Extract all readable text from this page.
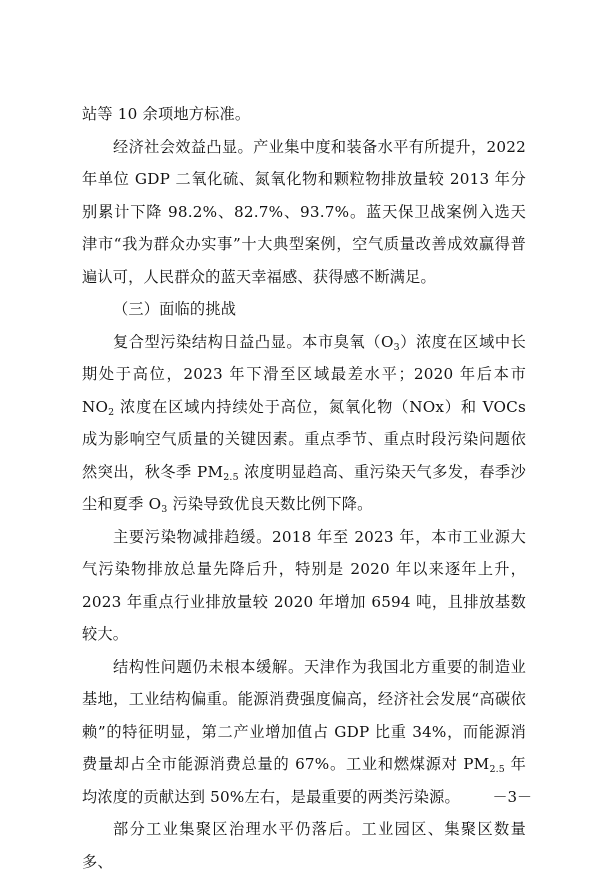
站等 10 余项地方标准。

经济社会效益凸显。产业集中度和装备水平有所提升，2022 年单位 GDP 二氧化硫、氮氧化物和颗粒物排放量较 2013 年分别累计下降 98.2%、82.7%、93.7%。蓝天保卫战案例入选天津市“我为群众办实事”十大典型案例，空气质量改善成效赢得普遍认可，人民群众的蓝天幸福感、获得感不断满足。

（三）面临的挑战

复合型污染结构日益凸显。本市臭氧$(O_3)$浓度在区域中长期处于高位，2023 年下滑至区域最差水平；2020 年后本市 $NO_2$ 浓度在区域内持续处于高位，氮氧化物（NOx）和 VOCs 成为影响空气质量的关键因素。重点季节、重点时段污染问题依然突出，秋冬季 $PM_{2.5}$ 浓度明显趋高、重污染天气多发，春季沙尘和夏季 $O_3$ 污染导致优良天数比例下降。

主要污染物减排趋缓。2018 年至 2023 年，本市工业源大气污染物排放总量先降后升，特别是 2020 年以来逐年上升，2023 年重点行业排放量较 2020 年增加 6594 吨，且排放基数较大。

结构性问题仍未根本缓解。天津作为我国北方重要的制造业基地，工业结构偏重。能源消费强度偏高，经济社会发展“高碳依赖”的特征明显，第二产业增加值占 GDP 比重 34%，而能源消费量却占全市能源消费总量的 67%。工业和燃煤源对 $PM_{2.5}$ 年均浓度的贡献达到 50%左右，是最重要的两类污染源。

部分工业集聚区治理水平仍落后。工业园区、集聚区数量多、

－3－
